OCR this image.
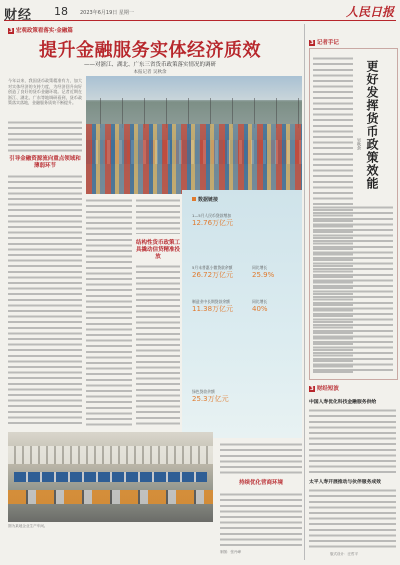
财经 18 2023年6月19日 星期一	人民日报
3 宏观政策看落实·金融篇
提升金融服务实体经济质效
——对浙江、湖北、广东三省货币政策落实情况的调研
本报记者 吴秋余
今年以来，我国货币政策精准有力，加大对实体经济的支持力度，为经济回升向好创造了良好的货币金融环境。记者近期在浙江、湖北、广东等地调研看到，货币政策落实落地，金融服务质效不断提升。
引导金融资源流向重点领域和薄弱环节
结构性货币政策工具撬动信贷精准投放
数据链接
1—5月人民币贷款增加
12.76万亿元
5月末普惠小微贷款余额
26.72万亿元
同比增长
25.9%
制造业中长期贷款余额
11.38万亿元
同比增长
40%
绿色贷款余额
25.3万亿元
图为某地企业生产车间。
持续优化营商环境
制图：张丹峰
3 记者手记
更好发挥货币政策效能
吴秋余
3 财经短波
中国人寿优化科技金融服务供给
太平人寿开展推动与伙伴服务成效
版式设计：汪哲平
